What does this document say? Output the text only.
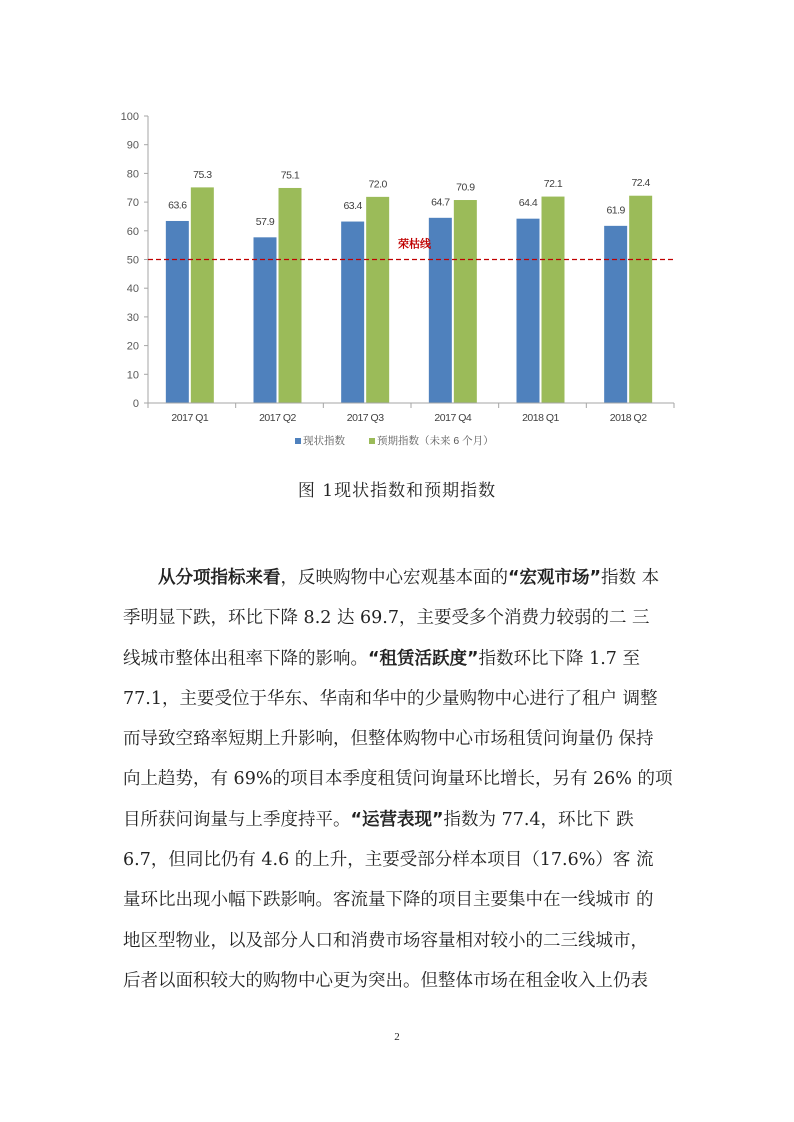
0
10
20
30
40
50
60
70
80
90
100
63.6
75.3
57.9
75.1
63.4
72.0
64.7
70.9
64.4
72.1
61.9
72.4
2017 Q1	2017 Q2	2017 Q3	2017 Q4	2018 Q1	2018 Q2
荣枯线
现状指数	预期指数（未来 6 个月）
图 1现状指数和预期指数
从分项指标来看，反映购物中心宏观基本面的“宏观市场”指数 本
季明显下跌，环比下降 8.2 达 69.7，主要受多个消费力较弱的二 三
线城市整体出租率下降的影响。“租赁活跃度”指数环比下降 1.7 至
77.1，主要受位于华东、华南和华中的少量购物中心进行了租户 调整
而导致空臵率短期上升影响，但整体购物中心市场租赁问询量仍 保持
向上趋势，有 69%的项目本季度租赁问询量环比增长，另有 26% 的项
目所获问询量与上季度持平。“运营表现”指数为 77.4，环比下 跌
6.7，但同比仍有 4.6 的上升，主要受部分样本项目（17.6%）客 流
量环比出现小幅下跌影响。客流量下降的项目主要集中在一线城市 的
地区型物业，以及部分人口和消费市场容量相对较小的二三线城市，
后者以面积较大的购物中心更为突出。但整体市场在租金收入上仍表
2
